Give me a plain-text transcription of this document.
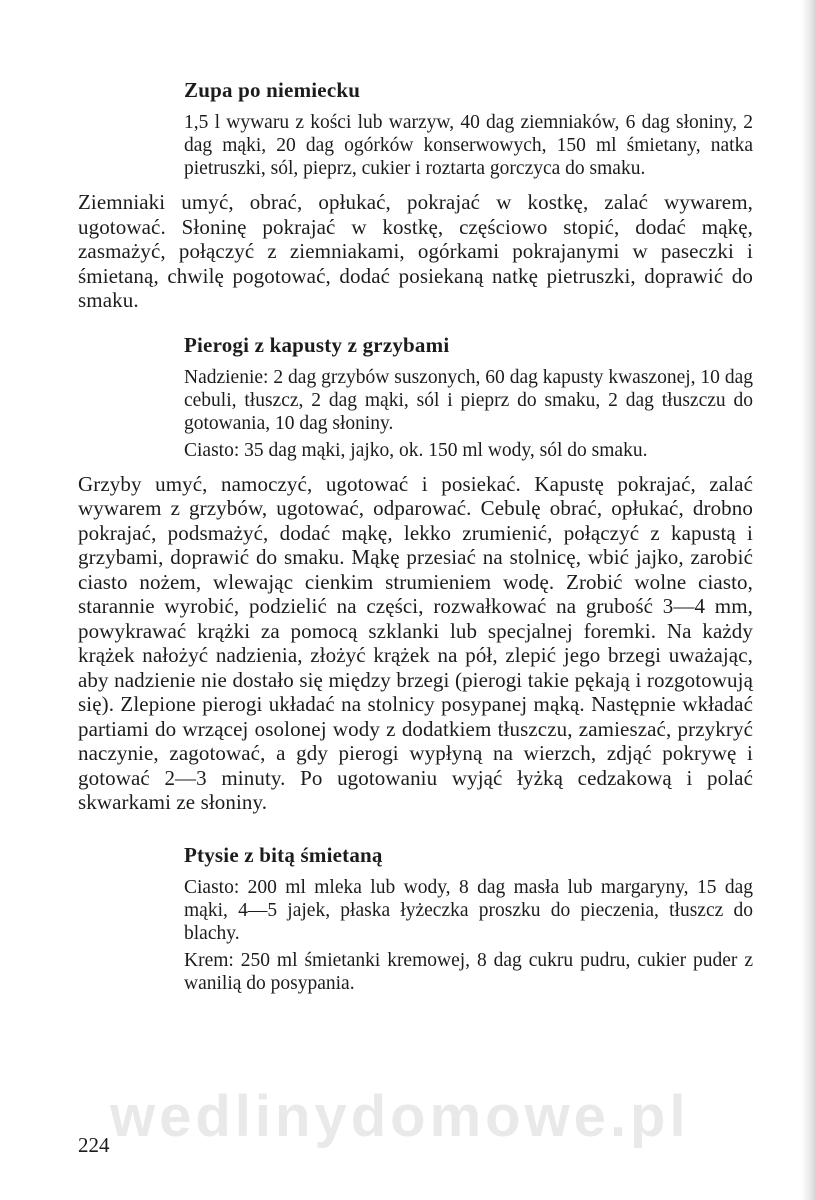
Zupa po niemiecku

1,5 l wywaru z kości lub warzyw, 40 dag ziemniaków, 6 dag słoniny, 2 dag mąki, 20 dag ogórków konserwowych, 150 ml śmietany, natka pietruszki, sól, pieprz, cukier i roztarta gorczyca do smaku.

Ziemniaki umyć, obrać, opłukać, pokrajać w kostkę, zalać wywarem, ugotować. Słoninę pokrajać w kostkę, częściowo stopić, dodać mąkę, zasmażyć, połączyć z ziemniakami, ogórkami pokrajanymi w paseczki i śmietaną, chwilę pogotować, dodać posiekaną natkę pietruszki, doprawić do smaku.

Pierogi z kapusty z grzybami

Nadzienie: 2 dag grzybów suszonych, 60 dag kapusty kwaszonej, 10 dag cebuli, tłuszcz, 2 dag mąki, sól i pieprz do smaku, 2 dag tłuszczu do gotowania, 10 dag słoniny.

Ciasto: 35 dag mąki, jajko, ok. 150 ml wody, sól do smaku.

Grzyby umyć, namoczyć, ugotować i posiekać. Kapustę pokrajać, zalać wywarem z grzybów, ugotować, odparować. Cebulę obrać, opłukać, drobno pokrajać, podsmażyć, dodać mąkę, lekko zrumienić, połączyć z kapustą i grzybami, doprawić do smaku. Mąkę przesiać na stolnicę, wbić jajko, zarobić ciasto nożem, wlewając cienkim strumieniem wodę. Zrobić wolne ciasto, starannie wyrobić, podzielić na części, rozwałkować na grubość 3—4 mm, powykrawać krążki za pomocą szklanki lub specjalnej foremki. Na każdy krążek nałożyć nadzienia, złożyć krążek na pół, zlepić jego brzegi uważając, aby nadzienie nie dostało się między brzegi (pierogi takie pękają i rozgotowują się). Zlepione pierogi układać na stolnicy posypanej mąką. Następnie wkładać partiami do wrzącej osolonej wody z dodatkiem tłuszczu, zamieszać, przykryć naczynie, zagotować, a gdy pierogi wypłyną na wierzch, zdjąć pokrywę i gotować 2—3 minuty. Po ugotowaniu wyjąć łyżką cedzakową i polać skwarkami ze słoniny.

Ptysie z bitą śmietaną

Ciasto: 200 ml mleka lub wody, 8 dag masła lub margaryny, 15 dag mąki, 4—5 jajek, płaska łyżeczka proszku do pieczenia, tłuszcz do blachy.

Krem: 250 ml śmietanki kremowej, 8 dag cukru pudru, cukier puder z wanilią do posypania.

wedlinydomowe.pl
224
